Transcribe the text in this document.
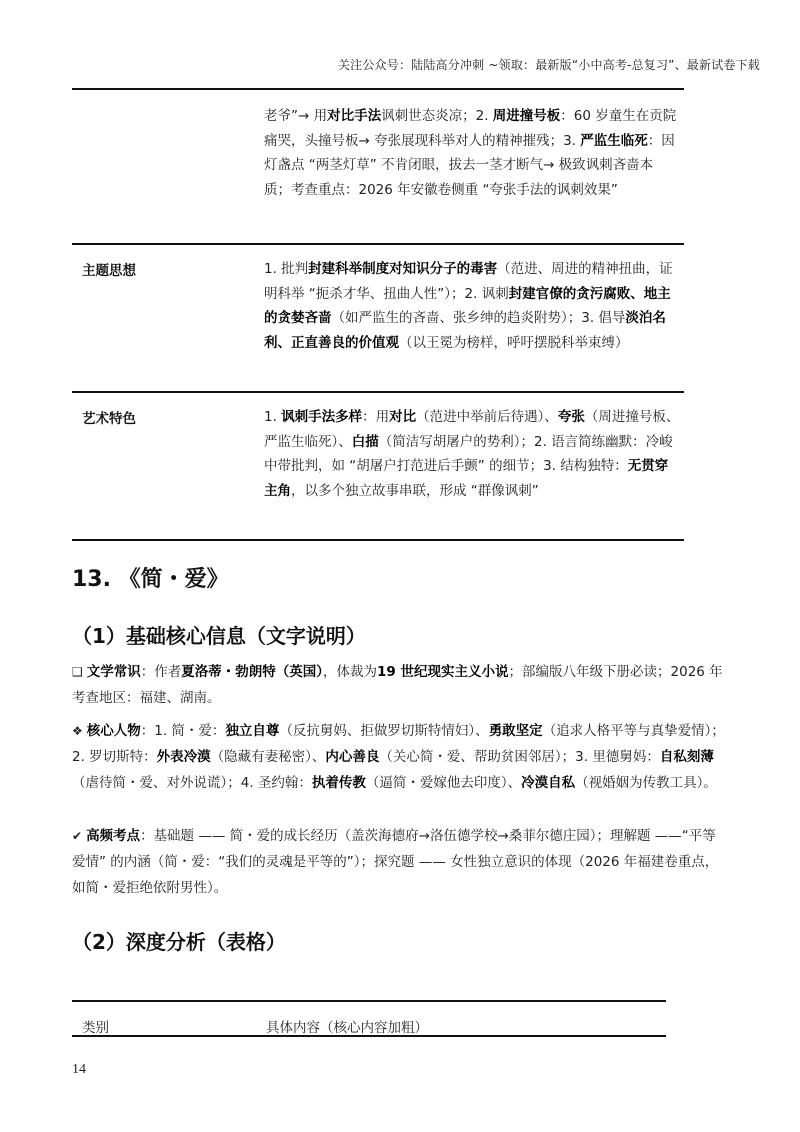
关注公众号：陆陆高分冲刺 ~领取：最新版“小中高考-总复习”、最新试卷下载
老爷”→ 用对比手法讽刺世态炎凉；2. 周进撞号板：60 岁童生在贡院痛哭，头撞号板→ 夸张展现科举对人的精神摧残；3. 严监生临死：因灯盏点 “两茎灯草” 不肯闭眼，拔去一茎才断气→ 极致讽刺吝啬本质；考查重点：2026 年安徽卷侧重 “夸张手法的讽刺效果”
主题思想	1. 批判封建科举制度对知识分子的毒害（范进、周进的精神扭曲，证明科举 “扼杀才华、扭曲人性”）；2. 讽刺封建官僚的贪污腐败、地主的贪婪吝啬（如严监生的吝啬、张乡绅的趋炎附势）；3. 倡导淡泊名利、正直善良的价值观（以王冕为榜样，呼吁摆脱科举束缚）
艺术特色	1. 讽刺手法多样：用对比（范进中举前后待遇）、夸张（周进撞号板、严监生临死）、白描（简洁写胡屠户的势利）；2. 语言简练幽默：冷峻中带批判，如 “胡屠户打范进后手颤” 的细节；3. 结构独特：无贯穿主角，以多个独立故事串联，形成 “群像讽刺”
13. 《简・爱》
（1）基础核心信息（文字说明）
❑ 文学常识：作者夏洛蒂・勃朗特（英国），体裁为19 世纪现实主义小说；部编版八年级下册必读；2026 年考查地区：福建、湖南。
❖ 核心人物：1. 简・爱：独立自尊（反抗舅妈、拒做罗切斯特情妇）、勇敢坚定（追求人格平等与真挚爱情）；2. 罗切斯特：外表冷漠（隐藏有妻秘密）、内心善良（关心简・爱、帮助贫困邻居）；3. 里德舅妈：自私刻薄（虐待简・爱、对外说谎）；4. 圣约翰：执着传教（逼简・爱嫁他去印度）、冷漠自私（视婚姻为传教工具）。
✔ 高频考点：基础题 —— 简・爱的成长经历（盖茨海德府→洛伍德学校→桑菲尔德庄园）；理解题 ——“平等爱情” 的内涵（简・爱：“我们的灵魂是平等的”）；探究题 —— 女性独立意识的体现（2026 年福建卷重点，如简・爱拒绝依附男性）。
（2）深度分析（表格）
类别	具体内容（核心内容加粗）
14
